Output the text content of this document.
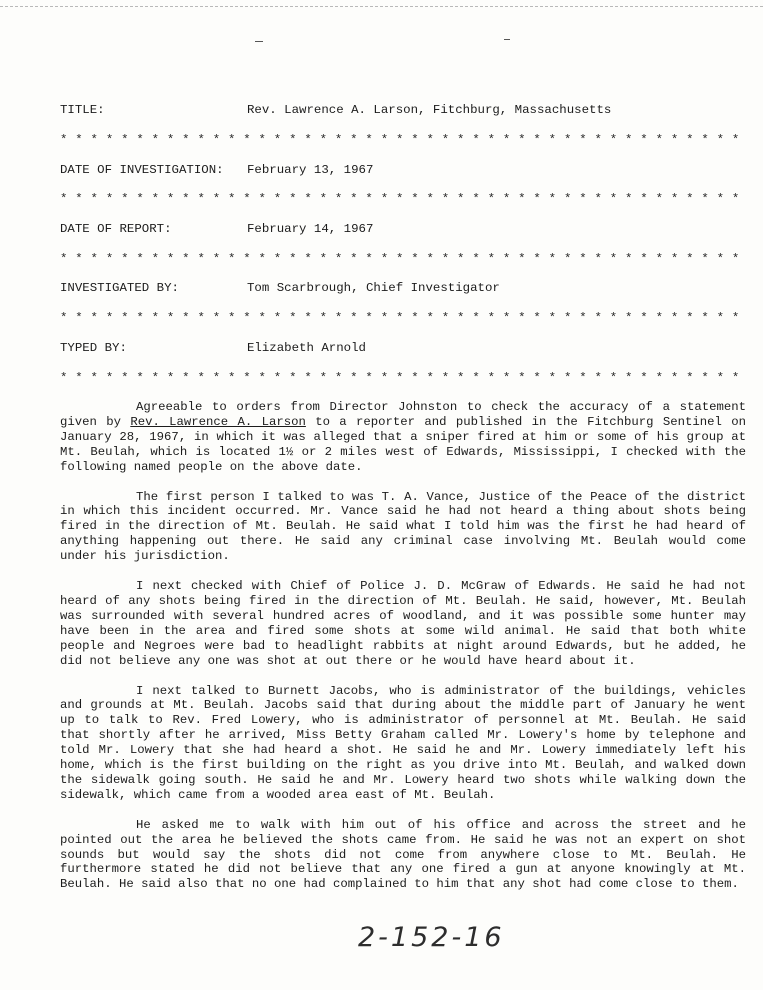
TITLE:	Rev. Lawrence A. Larson, Fitchburg, Massachusetts
* * * * * * * * * * * * * * * * * * * * * * * * * * * * * * * * * * * * * * * * * * * * *
DATE OF INVESTIGATION: February 13, 1967
* * * * * * * * * * * * * * * * * * * * * * * * * * * * * * * * * * * * * * * * * * * * *
DATE OF REPORT:	February 14, 1967
* * * * * * * * * * * * * * * * * * * * * * * * * * * * * * * * * * * * * * * * * * * * *
INVESTIGATED BY:	Tom Scarbrough, Chief Investigator
* * * * * * * * * * * * * * * * * * * * * * * * * * * * * * * * * * * * * * * * * * * * *
TYPED BY:	Elizabeth Arnold
* * * * * * * * * * * * * * * * * * * * * * * * * * * * * * * * * * * * * * * * * * * * *

Agreeable to orders from Director Johnston to check the accuracy of a statement given by Rev. Lawrence A. Larson to a reporter and published in the Fitchburg Sentinel on January 28, 1967, in which it was alleged that a sniper fired at him or some of his group at Mt. Beulah, which is located 1½ or 2 miles west of Edwards, Mississippi, I checked with the following named people on the above date.

The first person I talked to was T. A. Vance, Justice of the Peace of the district in which this incident occurred. Mr. Vance said he had not heard a thing about shots being fired in the direction of Mt. Beulah. He said what I told him was the first he had heard of anything happening out there. He said any criminal case involving Mt. Beulah would come under his jurisdiction.

I next checked with Chief of Police J. D. McGraw of Edwards. He said he had not heard of any shots being fired in the direction of Mt. Beulah. He said, however, Mt. Beulah was surrounded with several hundred acres of woodland, and it was possible some hunter may have been in the area and fired some shots at some wild animal. He said that both white people and Negroes were bad to headlight rabbits at night around Edwards, but he added, he did not believe any one was shot at out there or he would have heard about it.

I next talked to Burnett Jacobs, who is administrator of the buildings, vehicles and grounds at Mt. Beulah. Jacobs said that during about the middle part of January he went up to talk to Rev. Fred Lowery, who is administrator of personnel at Mt. Beulah. He said that shortly after he arrived, Miss Betty Graham called Mr. Lowery's home by telephone and told Mr. Lowery that she had heard a shot. He said he and Mr. Lowery immediately left his home, which is the first building on the right as you drive into Mt. Beulah, and walked down the sidewalk going south. He said he and Mr. Lowery heard two shots while walking down the sidewalk, which came from a wooded area east of Mt. Beulah.

He asked me to walk with him out of his office and across the street and he pointed out the area he believed the shots came from. He said he was not an expert on shot sounds but would say the shots did not come from anywhere close to Mt. Beulah. He furthermore stated he did not believe that any one fired a gun at anyone knowingly at Mt. Beulah. He said also that no one had complained to him that any shot had come close to them.

2-152-16
